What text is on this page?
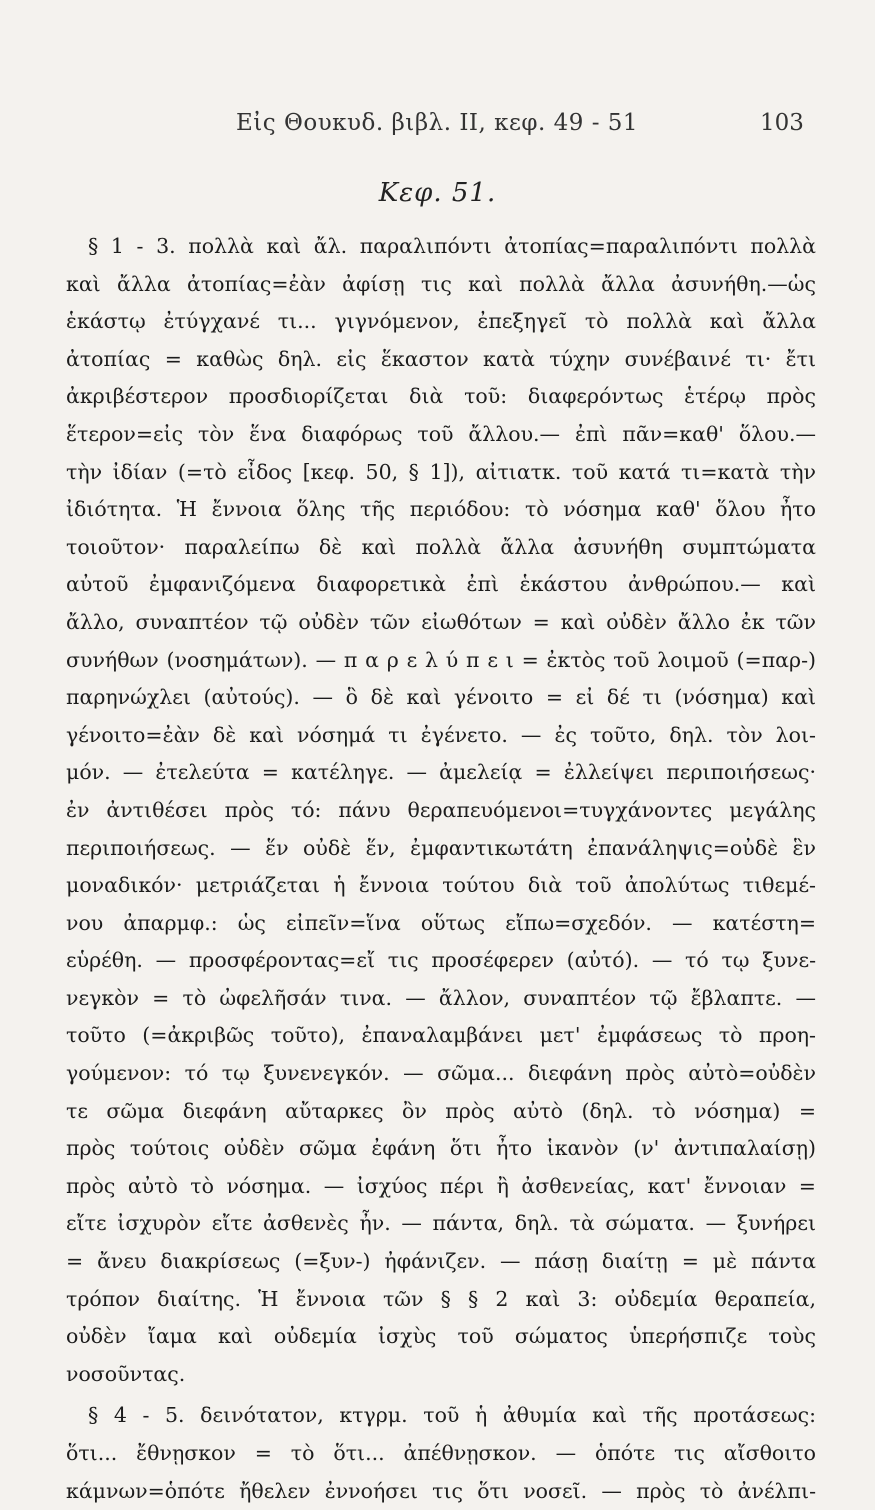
Εἰς Θουκυδ. βιβλ. ΙΙ, κεφ. 49 - 51	103
Κεφ. 51.
§ 1 - 3. πολλὰ καὶ ἄλ. παραλιπόντι ἀτοπίας=παραλιπόντι πολλὰ
καὶ ἄλλα ἀτοπίας=ἐὰν ἀφίσῃ τις καὶ πολλὰ ἄλλα ἀσυνήθη.—ὡς
ἑκάστῳ ἐτύγχανέ τι... γιγνόμενον, ἐπεξηγεῖ τὸ πολλὰ καὶ ἄλλα
ἀτοπίας = καθὼς δηλ. εἰς ἕκαστον κατὰ τύχην συνέβαινέ τι· ἔτι
ἀκριβέστερον προσδιορίζεται διὰ τοῦ: διαφερόντως ἑτέρῳ πρὸς
ἕτερον=εἰς τὸν ἕνα διαφόρως τοῦ ἄλλου.— ἐπὶ πᾶν=καθ' ὅλου.—
τὴν ἰδίαν (=τὸ εἶδος [κεφ. 50, § 1]), αἰτιατκ. τοῦ κατά τι=κατὰ τὴν
ἰδιότητα. Ἡ ἔννοια ὅλης τῆς περιόδου: τὸ νόσημα καθ' ὅλου ἦτο
τοιοῦτον· παραλείπω δὲ καὶ πολλὰ ἄλλα ἀσυνήθη συμπτώματα
αὐτοῦ ἐμφανιζόμενα διαφορετικὰ ἐπὶ ἑκάστου ἀνθρώπου.— καὶ
ἄλλο, συναπτέον τῷ οὐδὲν τῶν εἰωθότων = καὶ οὐδὲν ἄλλο ἐκ τῶν
συνήθων (νοσημάτων). — π α ρ ε λ ύ π ε ι = ἐκτὸς τοῦ λοιμοῦ (=παρ-)
παρηνώχλει (αὐτούς). — ὃ δὲ καὶ γένοιτο = εἰ δέ τι (νόσημα) καὶ
γένοιτο=ἐὰν δὲ καὶ νόσημά τι ἐγένετο. — ἐς τοῦτο, δηλ. τὸν λοι-
μόν. — ἐτελεύτα = κατέληγε. — ἀμελείᾳ = ἐλλείψει περιποιήσεως·
ἐν ἀντιθέσει πρὸς τό: πάνυ θεραπευόμενοι=τυγχάνοντες μεγάλης
περιποιήσεως. — ἕν οὐδὲ ἕν, ἐμφαντικωτάτη ἐπανάληψις=οὐδὲ ἓν
μοναδικόν· μετριάζεται ἡ ἔννοια τούτου διὰ τοῦ ἀπολύτως τιθεμέ-
νου ἀπαρμφ.: ὡς εἰπεῖν=ἵνα οὕτως εἴπω=σχεδόν. — κατέστη=
εὑρέθη. — προσφέροντας=εἴ τις προσέφερεν (αὐτό). — τό τῳ ξυνε-
νεγκὸν = τὸ ὠφελῆσάν τινα. — ἄλλον, συναπτέον τῷ ἔβλαπτε. —
τοῦτο (=ἀκριβῶς τοῦτο), ἐπαναλαμβάνει μετ' ἐμφάσεως τὸ προη-
γούμενον: τό τῳ ξυνενεγκόν. — σῶμα... διεφάνη πρὸς αὐτὸ=οὐδὲν
τε σῶμα διεφάνη αὔταρκες ὂν πρὸς αὐτὸ (δηλ. τὸ νόσημα) =
πρὸς τούτοις οὐδὲν σῶμα ἐφάνη ὅτι ἦτο ἱκανὸν (ν' ἀντιπαλαίσῃ)
πρὸς αὐτὸ τὸ νόσημα. — ἰσχύος πέρι ἢ ἀσθενείας, κατ' ἔννοιαν =
εἴτε ἰσχυρὸν εἴτε ἀσθενὲς ἦν. — πάντα, δηλ. τὰ σώματα. — ξυνήρει
= ἄνευ διακρίσεως (=ξυν-) ἠφάνιζεν. — πάσῃ διαίτῃ = μὲ πάντα
τρόπον διαίτης. Ἡ ἔννοια τῶν § § 2 καὶ 3: οὐδεμία θεραπεία,
οὐδὲν ἴαμα καὶ οὐδεμία ἰσχὺς τοῦ σώματος ὑπερήσπιζε τοὺς
νοσοῦντας.
§ 4 - 5. δεινότατον, κτγρμ. τοῦ ἡ ἀθυμία καὶ τῆς προτάσεως:
ὅτι... ἔθνῃσκον = τὸ ὅτι... ἀπέθνῃσκον. — ὁπότε τις αἴσθοιτο
κάμνων=ὁπότε ἤθελεν ἐννοήσει τις ὅτι νοσεῖ. — πρὸς τὸ ἀνέλπι-
